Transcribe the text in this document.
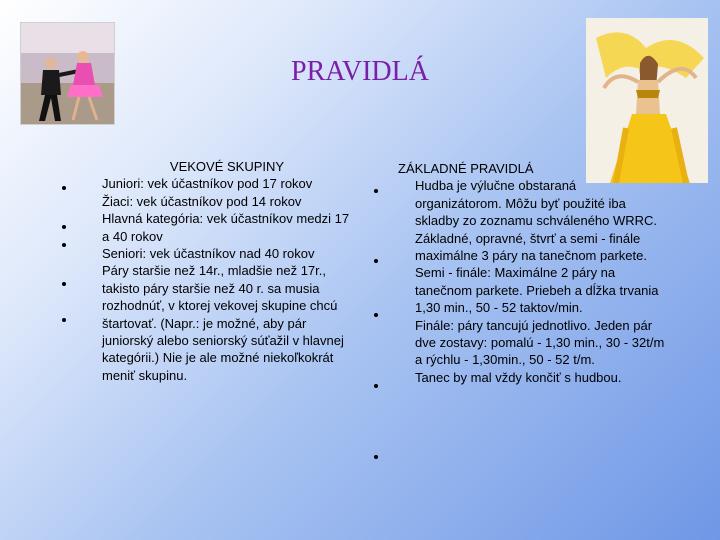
PRAVIDLÁ

VEKOVÉ SKUPINY

Juniori: vek účastníkov pod 17 rokov

Žiaci: vek účastníkov pod 14 rokov

Hlavná kategória: vek účastníkov medzi 17 a 40 rokov

Seniori: vek účastníkov nad 40 rokov

Páry staršie než 14r., mladšie než 17r., takisto páry staršie než 40 r. sa musia rozhodnúť, v ktorej vekovej skupine chcú štartovať. (Napr.: je možné, aby pár juniorský alebo seniorský súťažil v hlavnej kategórii.) Nie je ale možné niekoľkokrát meniť skupinu.

ZÁKLADNÉ PRAVIDLÁ

Hudba je výlučne obstaraná organizátorom. Môžu byť použité iba skladby zo zoznamu schváleného WRRC.

Základné, opravné, štvrť a semi - finále maximálne 3 páry na tanečnom parkete.

Semi - finále: Maximálne 2 páry na tanečnom parkete. Priebeh a dĺžka trvania 1,30 min., 50 - 52 taktov/min.

Finále: páry tancujú jednotlivo. Jeden pár dve zostavy: pomalú - 1,30 min., 30 - 32t/m a rýchlu - 1,30min., 50 - 52 t/m.

Tanec by mal vždy končiť s hudbou.
